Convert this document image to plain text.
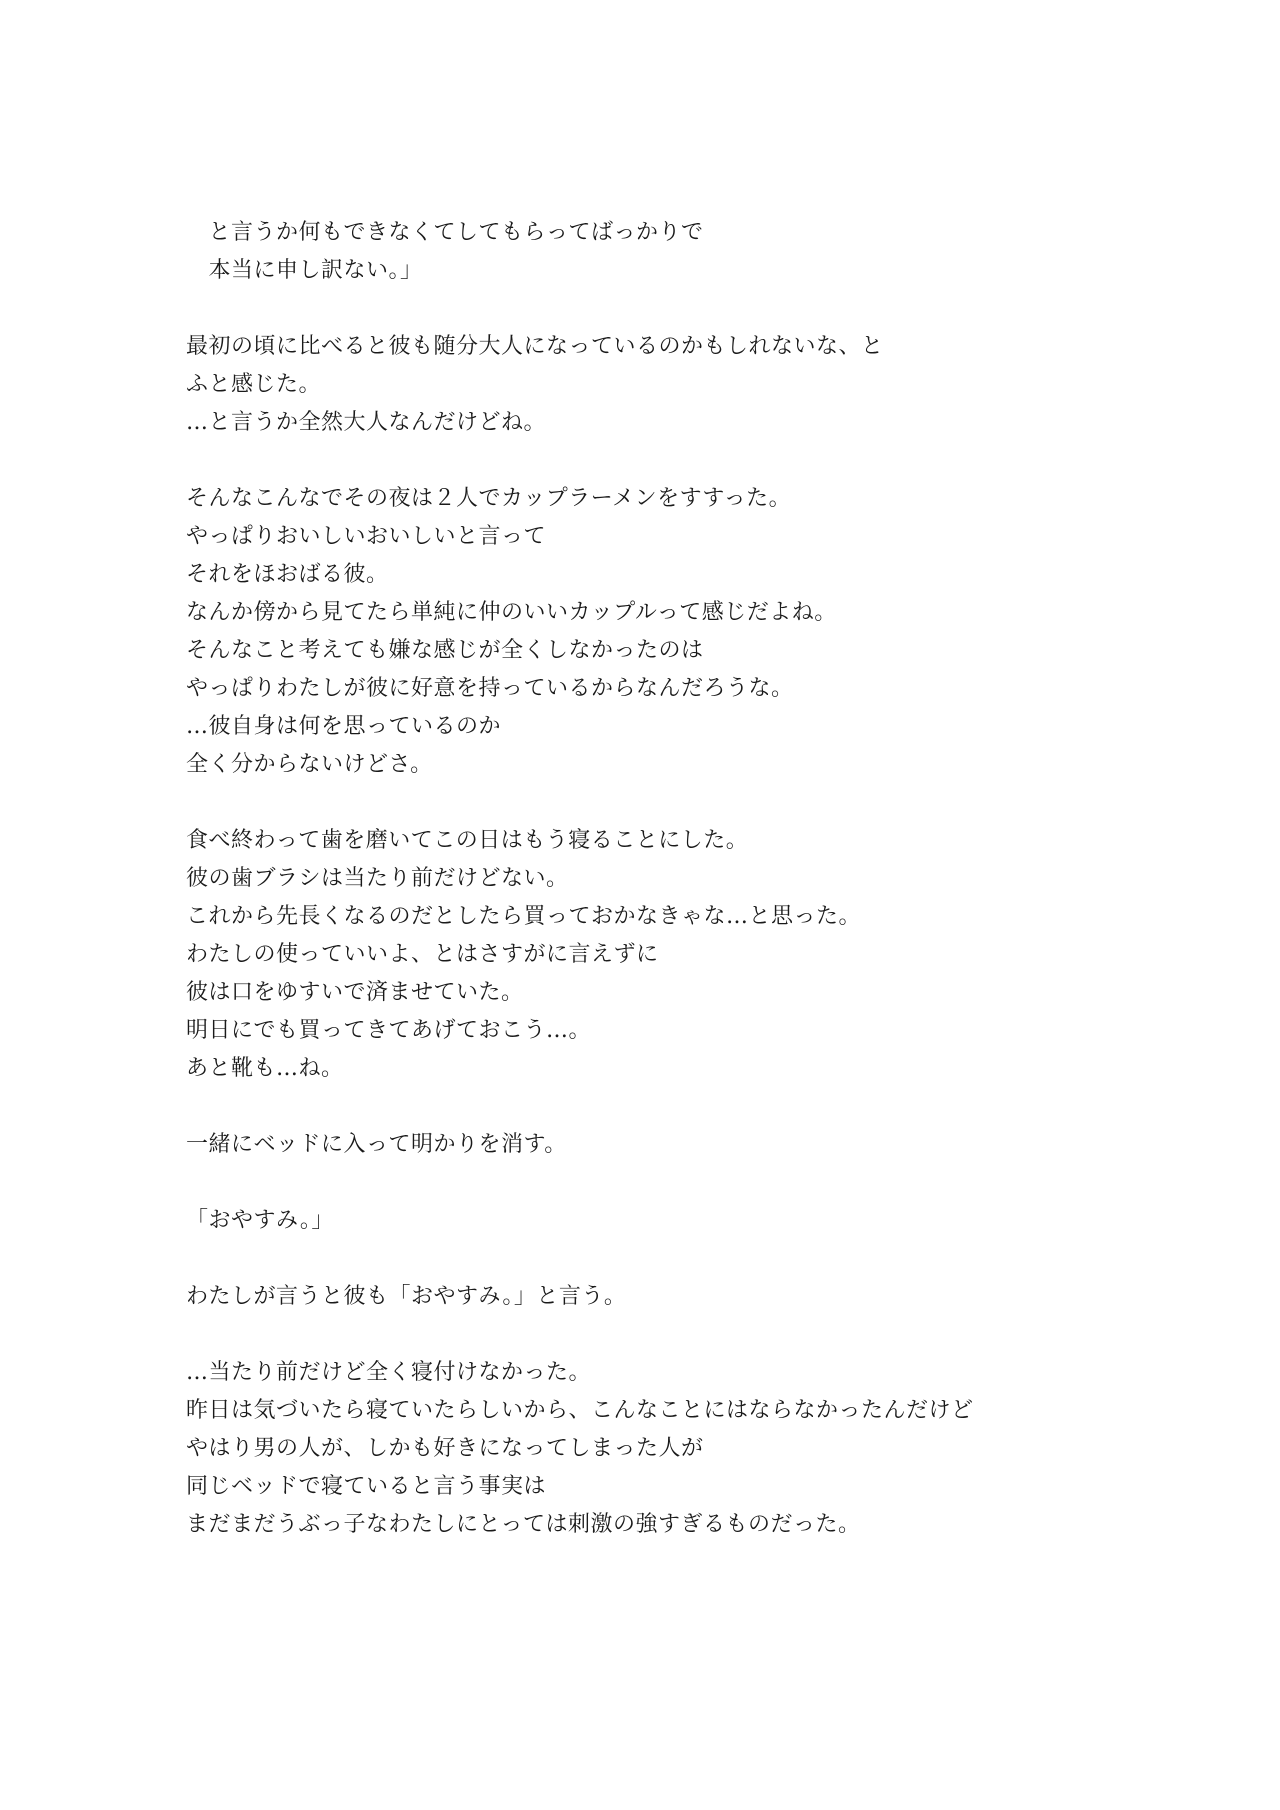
　と言うか何もできなくてしてもらってばっかりで
　本当に申し訳ない。」
最初の頃に比べると彼も随分大人になっているのかもしれないな、と
ふと感じた。
…と言うか全然大人なんだけどね。
そんなこんなでその夜は２人でカップラーメンをすすった。
やっぱりおいしいおいしいと言って
それをほおばる彼。
なんか傍から見てたら単純に仲のいいカップルって感じだよね。
そんなこと考えても嫌な感じが全くしなかったのは
やっぱりわたしが彼に好意を持っているからなんだろうな。
…彼自身は何を思っているのか
全く分からないけどさ。
食べ終わって歯を磨いてこの日はもう寝ることにした。
彼の歯ブラシは当たり前だけどない。
これから先長くなるのだとしたら買っておかなきゃな…と思った。
わたしの使っていいよ、とはさすがに言えずに
彼は口をゆすいで済ませていた。
明日にでも買ってきてあげておこう…。
あと靴も…ね。
一緒にベッドに入って明かりを消す。
「おやすみ。」
わたしが言うと彼も「おやすみ。」と言う。
…当たり前だけど全く寝付けなかった。
昨日は気づいたら寝ていたらしいから、こんなことにはならなかったんだけど
やはり男の人が、しかも好きになってしまった人が
同じベッドで寝ていると言う事実は
まだまだうぶっ子なわたしにとっては刺激の強すぎるものだった。
